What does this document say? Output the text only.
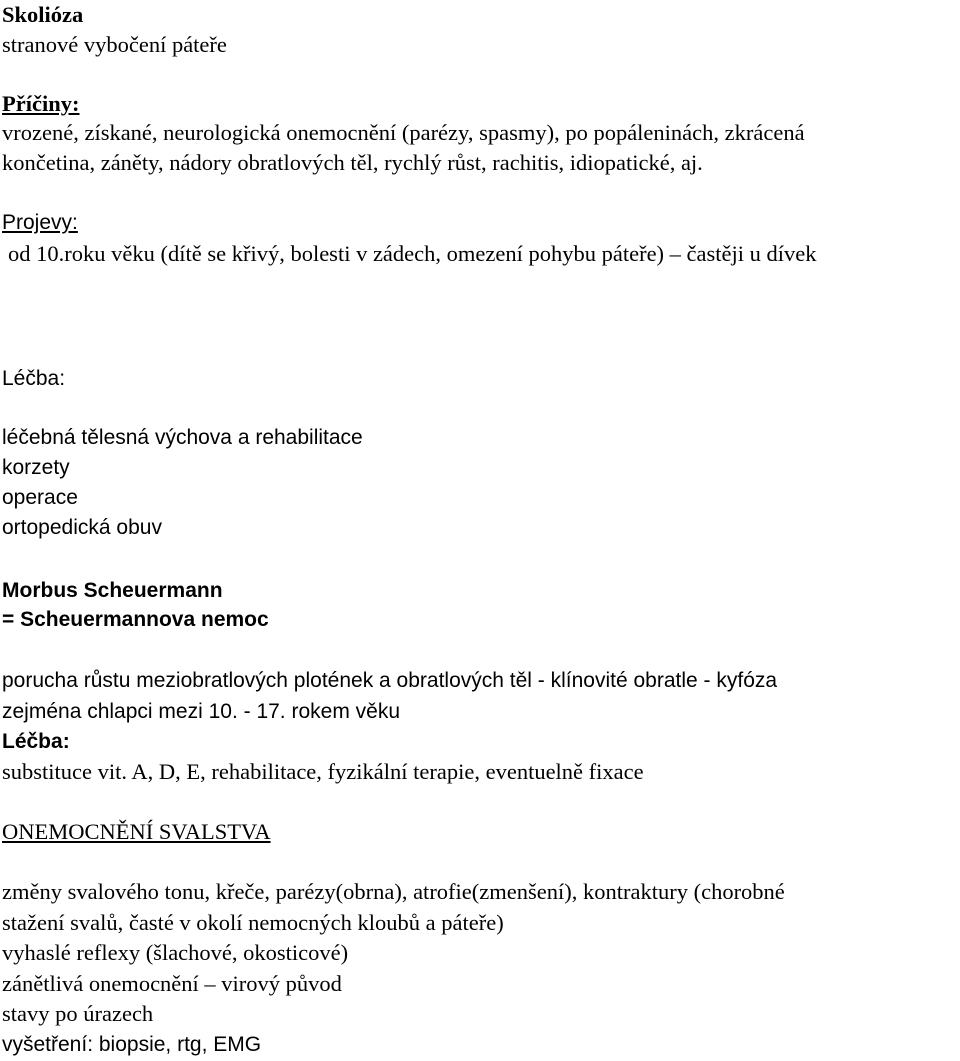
Skolióza
stranové vybočení páteře
Příčiny:
vrozené, získané, neurologická onemocnění (parézy, spasmy), po popáleninách, zkrácená
končetina, záněty, nádory obratlových těl, rychlý růst, rachitis, idiopatické, aj.
Projevy:
od 10.roku věku (dítě se křivý, bolesti v zádech, omezení pohybu páteře) – častěji u dívek
Léčba:
léčebná tělesná výchova a rehabilitace
korzety
operace
ortopedická obuv
Morbus Scheuermann
= Scheuermannova nemoc
porucha růstu meziobratlových plotének a obratlových těl - klínovité obratle - kyfóza
zejména chlapci mezi 10. - 17. rokem věku
Léčba:
substituce vit. A, D, E, rehabilitace, fyzikální terapie, eventuelně fixace
ONEMOCNĚNÍ SVALSTVA
změny svalového tonu, křeče, parézy(obrna), atrofie(zmenšení), kontraktury (chorobné
stažení svalů, časté v okolí nemocných kloubů a páteře)
vyhaslé reflexy (šlachové, okosticové)
zánětlivá onemocnění – virový původ
stavy po úrazech
vyšetření: biopsie, rtg, EMG
